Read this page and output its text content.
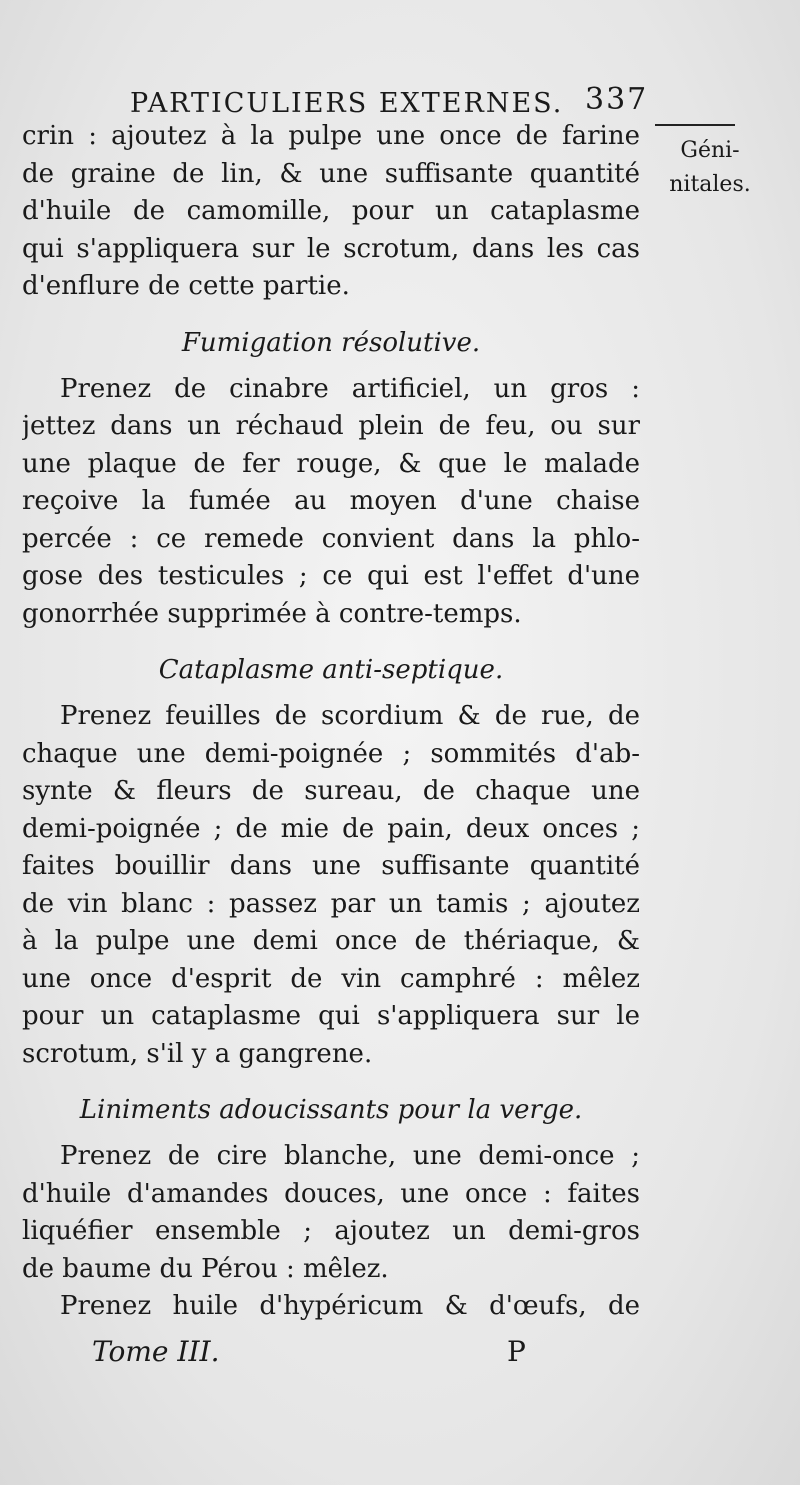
PARTICULIERS EXTERNES. 337
Géni-
nitales.
crin : ajoutez à la pulpe une once de farine
de graine de lin, & une suffisante quantité
d'huile de camomille, pour un cataplasme
qui s'appliquera sur le scrotum, dans les cas
d'enflure de cette partie.
Fumigation résolutive.
Prenez de cinabre artificiel, un gros :
jettez dans un réchaud plein de feu, ou sur
une plaque de fer rouge, & que le malade
reçoive la fumée au moyen d'une chaise
percée : ce remede convient dans la phlo-
gose des testicules ; ce qui est l'effet d'une
gonorrhée supprimée à contre-temps.
Cataplasme anti-septique.
Prenez feuilles de scordium & de rue, de
chaque une demi-poignée ; sommités d'ab-
synte & fleurs de sureau, de chaque une
demi-poignée ; de mie de pain, deux onces ;
faites bouillir dans une suffisante quantité
de vin blanc : passez par un tamis ; ajoutez
à la pulpe une demi once de thériaque, &
une once d'esprit de vin camphré : mêlez
pour un cataplasme qui s'appliquera sur le
scrotum, s'il y a gangrene.
Liniments adoucissants pour la verge.
Prenez de cire blanche, une demi-once ;
d'huile d'amandes douces, une once : faites
liquéfier ensemble ; ajoutez un demi-gros
de baume du Pérou : mêlez.
Prenez huile d'hypéricum & d'œufs, de
Tome III.	P
